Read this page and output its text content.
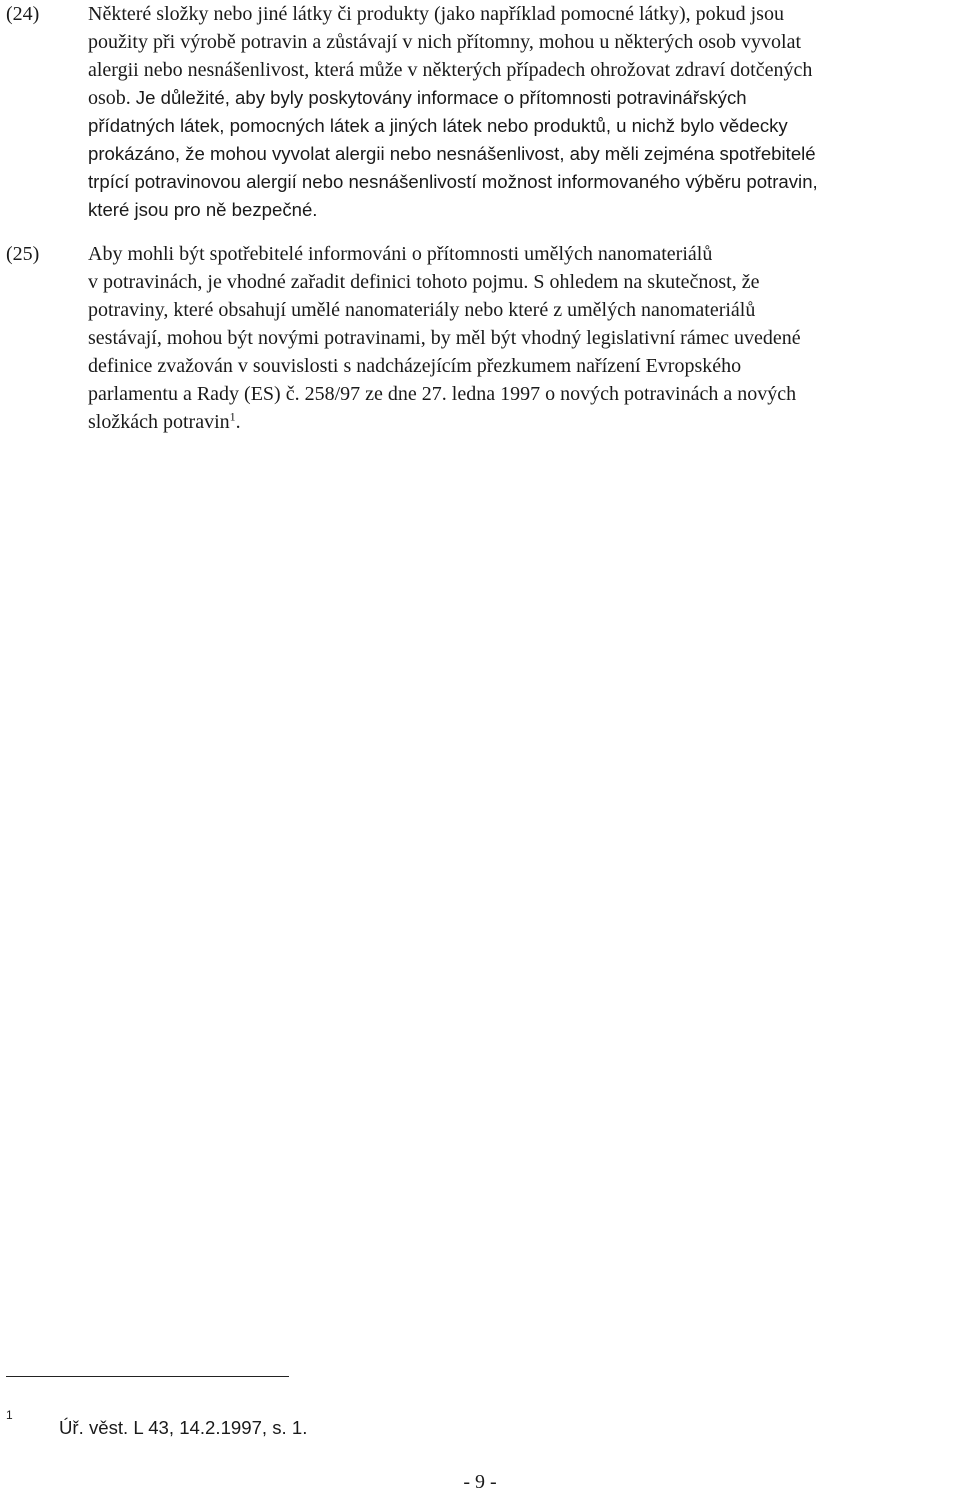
(24) Některé složky nebo jiné látky či produkty (jako například pomocné látky), pokud jsou
použity při výrobě potravin a zůstávají v nich přítomny, mohou u některých osob vyvolat
alergii nebo nesnášenlivost, která může v některých případech ohrožovat zdraví dotčených
osob. Je důležité, aby byly poskytovány informace o přítomnosti potravinářských
přídatných látek, pomocných látek a jiných látek nebo produktů, u nichž bylo vědecky
prokázáno, že mohou vyvolat alergii nebo nesnášenlivost, aby měli zejména spotřebitelé
trpící potravinovou alergií nebo nesnášenlivostí možnost informovaného výběru potravin,
které jsou pro ně bezpečné.
(25) Aby mohli být spotřebitelé informováni o přítomnosti umělých nanomateriálů
v potravinách, je vhodné zařadit definici tohoto pojmu. S ohledem na skutečnost, že
potraviny, které obsahují umělé nanomateriály nebo které z umělých nanomateriálů
sestávají, mohou být novými potravinami, by měl být vhodný legislativní rámec uvedené
definice zvažován v souvislosti s nadcházejícím přezkumem nařízení Evropského
parlamentu a Rady (ES) č. 258/97 ze dne 27. ledna 1997 o nových potravinách a nových
složkách potravin$^1$.
1
Úř. věst. L 43, 14.2.1997, s. 1.
- 9 -
